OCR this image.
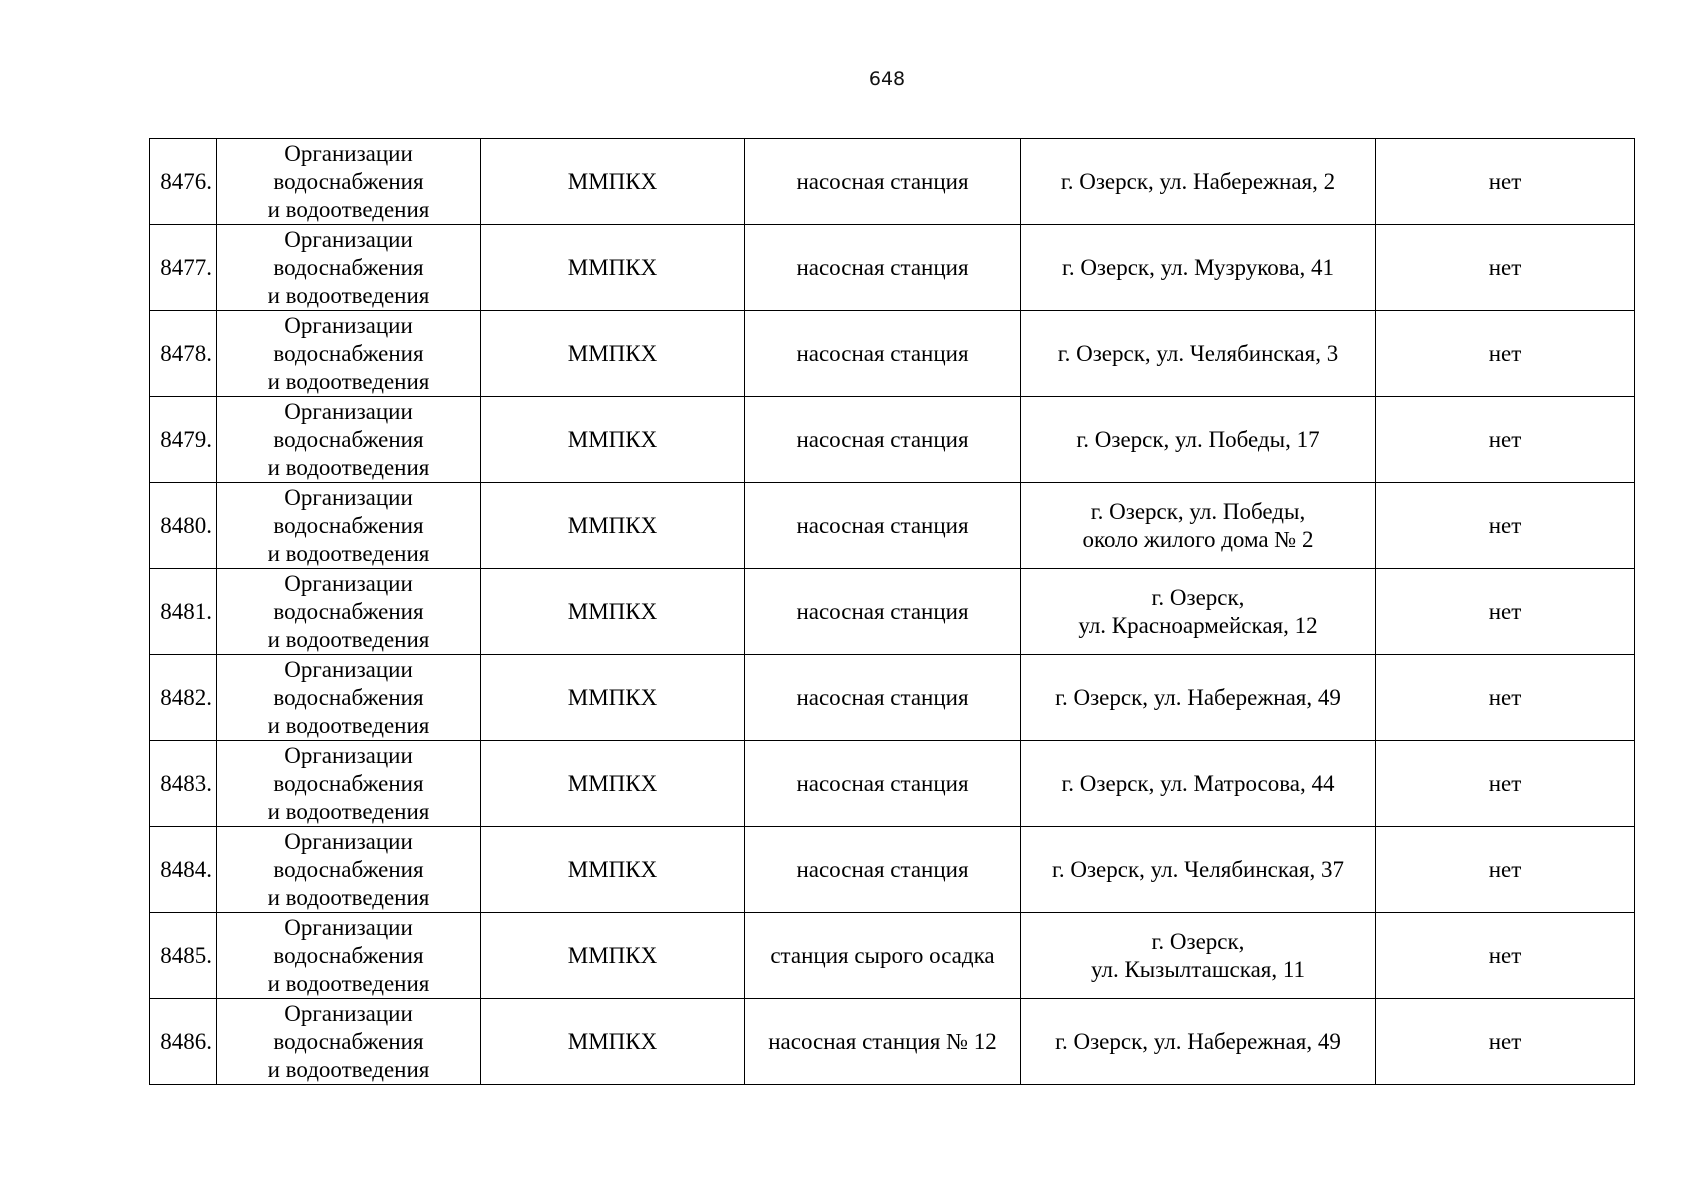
648
8476.	Организации
водоснабжения
и водоотведения	ММПКХ	насосная станция	г. Озерск, ул. Набережная, 2	нет
8477.	Организации
водоснабжения
и водоотведения	ММПКХ	насосная станция	г. Озерск, ул. Музрукова, 41	нет
8478.	Организации
водоснабжения
и водоотведения	ММПКХ	насосная станция	г. Озерск, ул. Челябинская, 3	нет
8479.	Организации
водоснабжения
и водоотведения	ММПКХ	насосная станция	г. Озерск, ул. Победы, 17	нет
8480.	Организации
водоснабжения
и водоотведения	ММПКХ	насосная станция	г. Озерск, ул. Победы,
около жилого дома № 2	нет
8481.	Организации
водоснабжения
и водоотведения	ММПКХ	насосная станция	г. Озерск,
ул. Красноармейская, 12	нет
8482.	Организации
водоснабжения
и водоотведения	ММПКХ	насосная станция	г. Озерск, ул. Набережная, 49	нет
8483.	Организации
водоснабжения
и водоотведения	ММПКХ	насосная станция	г. Озерск, ул. Матросова, 44	нет
8484.	Организации
водоснабжения
и водоотведения	ММПКХ	насосная станция	г. Озерск, ул. Челябинская, 37	нет
8485.	Организации
водоснабжения
и водоотведения	ММПКХ	станция сырого осадка	г. Озерск,
ул. Кызылташская, 11	нет
8486.	Организации
водоснабжения
и водоотведения	ММПКХ	насосная станция № 12	г. Озерск, ул. Набережная, 49	нет
